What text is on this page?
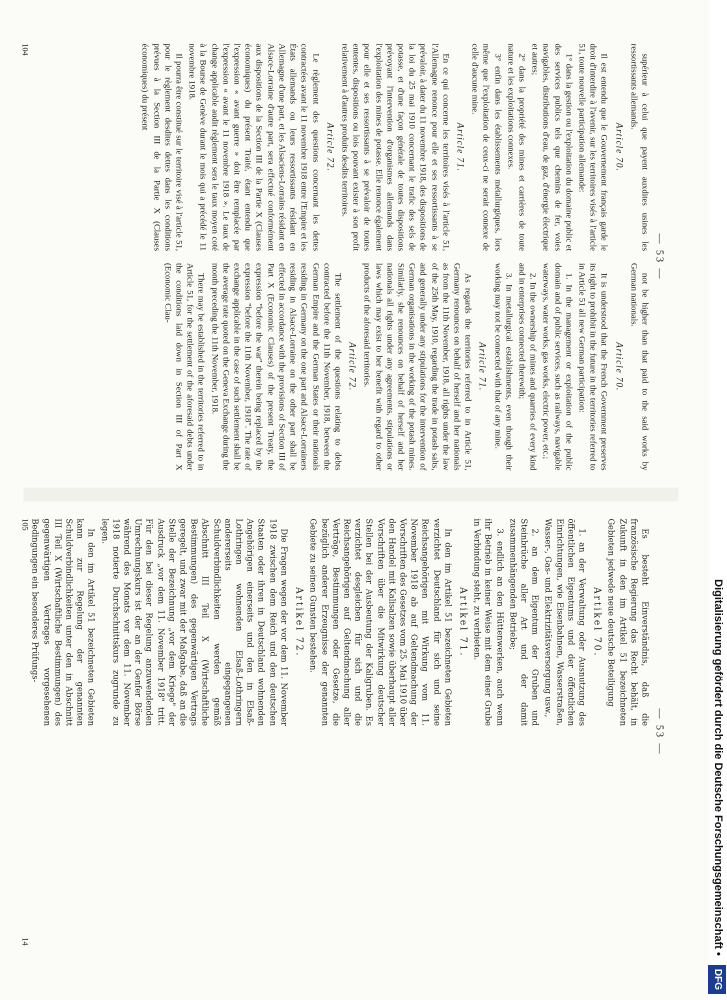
— 53 —

supérieur à celui que payent auxdites usines les ressortissants allemands.

Article 70.

Il est entendu que le Gouvernement français garde le droit d'interdire à l'avenir, sur les territoires visés à l'article 51, toute nouvelle participation allemande:

1° dans la gestion ou l'exploitation du domaine public et des services publics tels que chemins de fer, voies navigables, distributions d'eau, de gaz, d'énergie électrique et autres;

2° dans la propriété des mines et carrières de toute nature et les exploitations connexes.

3° enfin dans les établissements métallurgiques, lors même que l'exploitation de ceux-ci ne serait connexe de celle d'aucune mine.

Article 71.

En ce qui concerne les territoires visés à l'article 51, l'Allemagne renonce pour elle et ses ressortissants à se prévaloir, à dater du 11 novembre 1918, des dispositions de la loi du 25 mai 1910 concernant le trafic des sels de potasse, et d'une façon générale de toutes dispositions prévoyant l'intervention d'organismes allemands dans l'exploitation des mines de potasse. Elle renonce également pour elle et ses ressortissants à se prévaloir de toutes ententes, dispositions ou lois pouvant exister à son profit relativement à d'autres produits desdits territoires.

Article 72.

Le règlement des questions concernant les dettes contractées avant le 11 novembre 1918 entre l'Empire et les États allemands ou leurs ressortissants résidant en Allemagne d'une part, et les Alsaciens-Lorrains résidant en Alsace-Lorraine d'autre part, sera effectué conformément aux dispositions de la Section III de la Partie X (Clauses économiques) du présent Traité, étant entendu que l'expression « avant guerre » doit être remplacée par l'expression « avant le 11 novembre 1918 ». Le taux de change applicable audit règlement sera le taux moyen coté à la Bourse de Genève durant le mois qui a précédé le 11 novembre 1918.

Il pourra être constitué sur le territoire visé à l'article 51, pour le règlement desdites dettes dans les conditions prévues à la Section III de la Partie X (Clauses économiques) du présent

not be higher than that paid to the said works by German nationals.

Article 70.

It is understood that the French Government preserves its right to prohibit in the future in the territories referred to in Article 51 all new German participation:

1. In the management or exploitation of the public domain and of public services, such as railways, navigable waterways, water works, gas works, electric power, etc.;

2. In the ownership of mines and quarries of every kind and in enterprises connected therewith;

3. In metallurgical establishments, even though their working may not be connected with that of any mine.

Article 71.

As regards the territories referred to in Article 51, Germany renounces on behalf of herself and her nationals as from the 11th November, 1918, all rights under the law of the 25th May, 1910, regarding the trade in potash salts, and generally under any stipulations for the intervention of German organisations in the working of the potash mines. Similarly, she renounces on behalf of herself and her nationals all rights under any agreements, stipulations or laws which may exist to her benefit with regard to other products of the aforesaid territories.

Article 72.

The settlement of the questions relating to debts contracted before the 11th November, 1918, between the German Empire and the German States or their nationals residing in Germany on the one part and Alsace-Lorrainers residing in Alsace-Lorraine on the other part shall be effected in accordance with the provisions of Section III of Part X (Economic Clauses) of the present Treaty, the expression "before the war" therein being replaced by the expression "before the 11th November, 1918". The rate of exchange applicable in the case of such settlement shall be the average rate quoted on the Geneva Exchange during the month preceding the 11th November, 1918.

There may be established in the territories referred to in Article 51, for the settlement of the aforesaid debts under the conditions laid down in Section III of Part X (Economic Clau-

104
— 53 —

Es besteht Einverständnis, daß die französische Regierung das Recht behält, in Zukunft in den im Artikel 51 bezeichneten Gebieten jedwede neue deutsche Beteiligung

Artikel 70.

1. an der Verwaltung oder Ausnutzung des öffentlichen Eigentums und der öffentlichen Einrichtungen, wie Eisenbahnen, Wasserstraßen, Wasser-, Gas- und Elektrizitätsversorgung usw.,

2. an dem Eigentum der Gruben und Steinbrüche aller Art und der damit zusammenhängenden Betriebe;

3. endlich an den Hüttenwerken, auch wenn ihr Betrieb in keiner Weise mit dem einer Grube in Verbindung steht, zu verbieten.

Artikel 71.

In den im Artikel 51 bezeichneten Gebieten verzichtet Deutschland für sich und seine Reichsangehörigen mit Wirkung vom 11. November 1918 ab auf Geltendmachung der Vorschriften des Gesetzes vom 25. Mai 1910 über den Handel mit Kalisalzen sowie überhaupt aller Vorschriften über die Mitwirkung deutscher Stellen bei der Ausbeutung der Kaligruben. Es verzichtet desgleichen für sich und die Reichsangehörigen auf Geltendmachung aller Verträge, Bestimmungen oder Gesetze, die bezüglich anderer Erzeugnisse der genannten Gebiete zu seinen Gunsten bestehen.

Artikel 72.

Die Fragen wegen der vor dem 11. November 1918 zwischen dem Reich und den deutschen Staaten oder ihren in Deutschland wohnenden Angehörigen einerseits und den in Elsaß-Lothringen wohnenden Elsaß-Lothringern andererseits eingegangenen Schuldverbindlichkeiten werden gemäß Abschnitt III Teil X (Wirtschaftliche Bestimmungen) des gegenwärtigen Vertrags geregelt, und zwar mit der Maßgabe, daß an die Stelle der Bezeichnung „vor dem Kriege" der Ausdruck „vor dem 11. November 1918" tritt. Für den bei dieser Regelung anzuwendenden Umrechnungskurs ist der an der Genfer Börse während des Monats vor dem 11. November 1918 notierte Durchschnittskurs zugrunde zu legen.

In den im Artikel 51 bezeichneten Gebieten kann zur Regelung der genannten Schuldverbindlichkeiten unter den in Abschnitt III Teil X (Wirtschaftliche Bestimmungen) des gegenwärtigen Vertrages vorgesehenen Bedingungen ein besonderes Prüfungs-

105
14	Digitalisierung gefördert durch die Deutsche Forschungsgemeinschaft • DFG
